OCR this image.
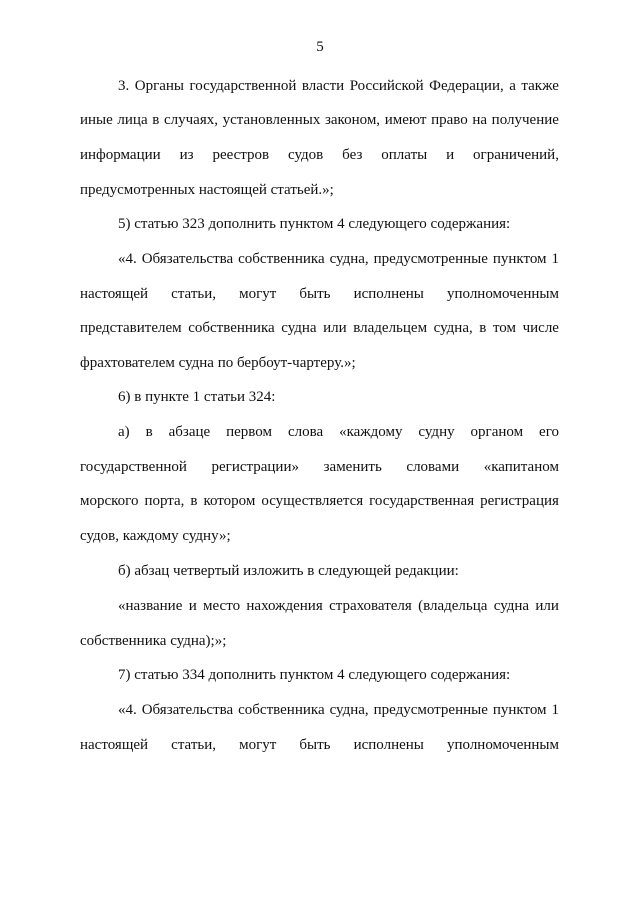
5
3. Органы государственной власти Российской Федерации, а также
иные лица в случаях, установленных законом, имеют право на получение
информации из реестров судов без оплаты и ограничений,
предусмотренных настоящей статьей.»;
5) статью 323 дополнить пунктом 4 следующего содержания:
«4. Обязательства собственника судна, предусмотренные пунктом 1
настоящей статьи, могут быть исполнены уполномоченным
представителем собственника судна или владельцем судна, в том числе
фрахтователем судна по бербоут-чартеру.»;
6) в пункте 1 статьи 324:
а) в абзаце первом слова «каждому судну органом его
государственной регистрации» заменить словами «капитаном
морского порта, в котором осуществляется государственная регистрация
судов, каждому судну»;
б) абзац четвертый изложить в следующей редакции:
«название и место нахождения страхователя (владельца судна или
собственника судна);»;
7) статью 334 дополнить пунктом 4 следующего содержания:
«4. Обязательства собственника судна, предусмотренные пунктом 1
настоящей статьи, могут быть исполнены уполномоченным
